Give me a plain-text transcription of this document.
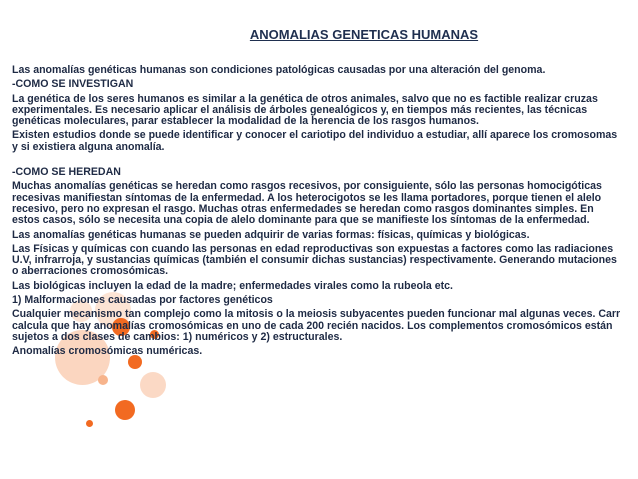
ANOMALIAS GENETICAS HUMANAS

Las anomalías genéticas humanas son condiciones patológicas causadas por una alteración del genoma.

-COMO SE INVESTIGAN

La genética de los seres humanos es similar a la genética de otros animales, salvo que no es factible realizar cruzas experimentales. Es necesario aplicar el análisis de árboles genealógicos y, en tiempos más recientes, las técnicas genéticas moleculares, parar establecer la modalidad de la herencia de los rasgos humanos.

Existen estudios donde se puede identificar y conocer el cariotipo del individuo a estudiar, allí aparece los cromosomas y si existiera alguna anomalía.

-COMO SE HEREDAN

Muchas anomalías genéticas se heredan como rasgos recesivos, por consiguiente, sólo las personas homocigóticas recesivas manifiestan síntomas de la enfermedad. A los heterocigotos se les llama portadores, porque tienen el alelo recesivo, pero no expresan el rasgo. Muchas otras enfermedades se heredan como rasgos dominantes simples. En estos casos, sólo se necesita una copia de alelo dominante para que se manifieste los síntomas de la enfermedad.

Las anomalías genéticas humanas se pueden adquirir de varias formas: físicas, químicas y biológicas.

Las Físicas y químicas con cuando las personas en edad reproductivas son expuestas a factores como las radiaciones U.V, infrarroja, y sustancias químicas (también el consumir dichas sustancias) respectivamente. Generando mutaciones o aberraciones cromosómicas.

Las biológicas incluyen la edad de la madre; enfermedades virales como la rubeola etc.

1) Malformaciones causadas por factores genéticos

Cualquier mecanismo tan complejo como la mitosis o la meiosis subyacentes pueden funcionar mal algunas veces. Carr calcula que hay anomalías cromosómicas en uno de cada 200 recién nacidos. Los complementos cromosómicos están sujetos a dos clases de cambios: 1) numéricos y 2) estructurales.

Anomalías cromosómicas numéricas.
